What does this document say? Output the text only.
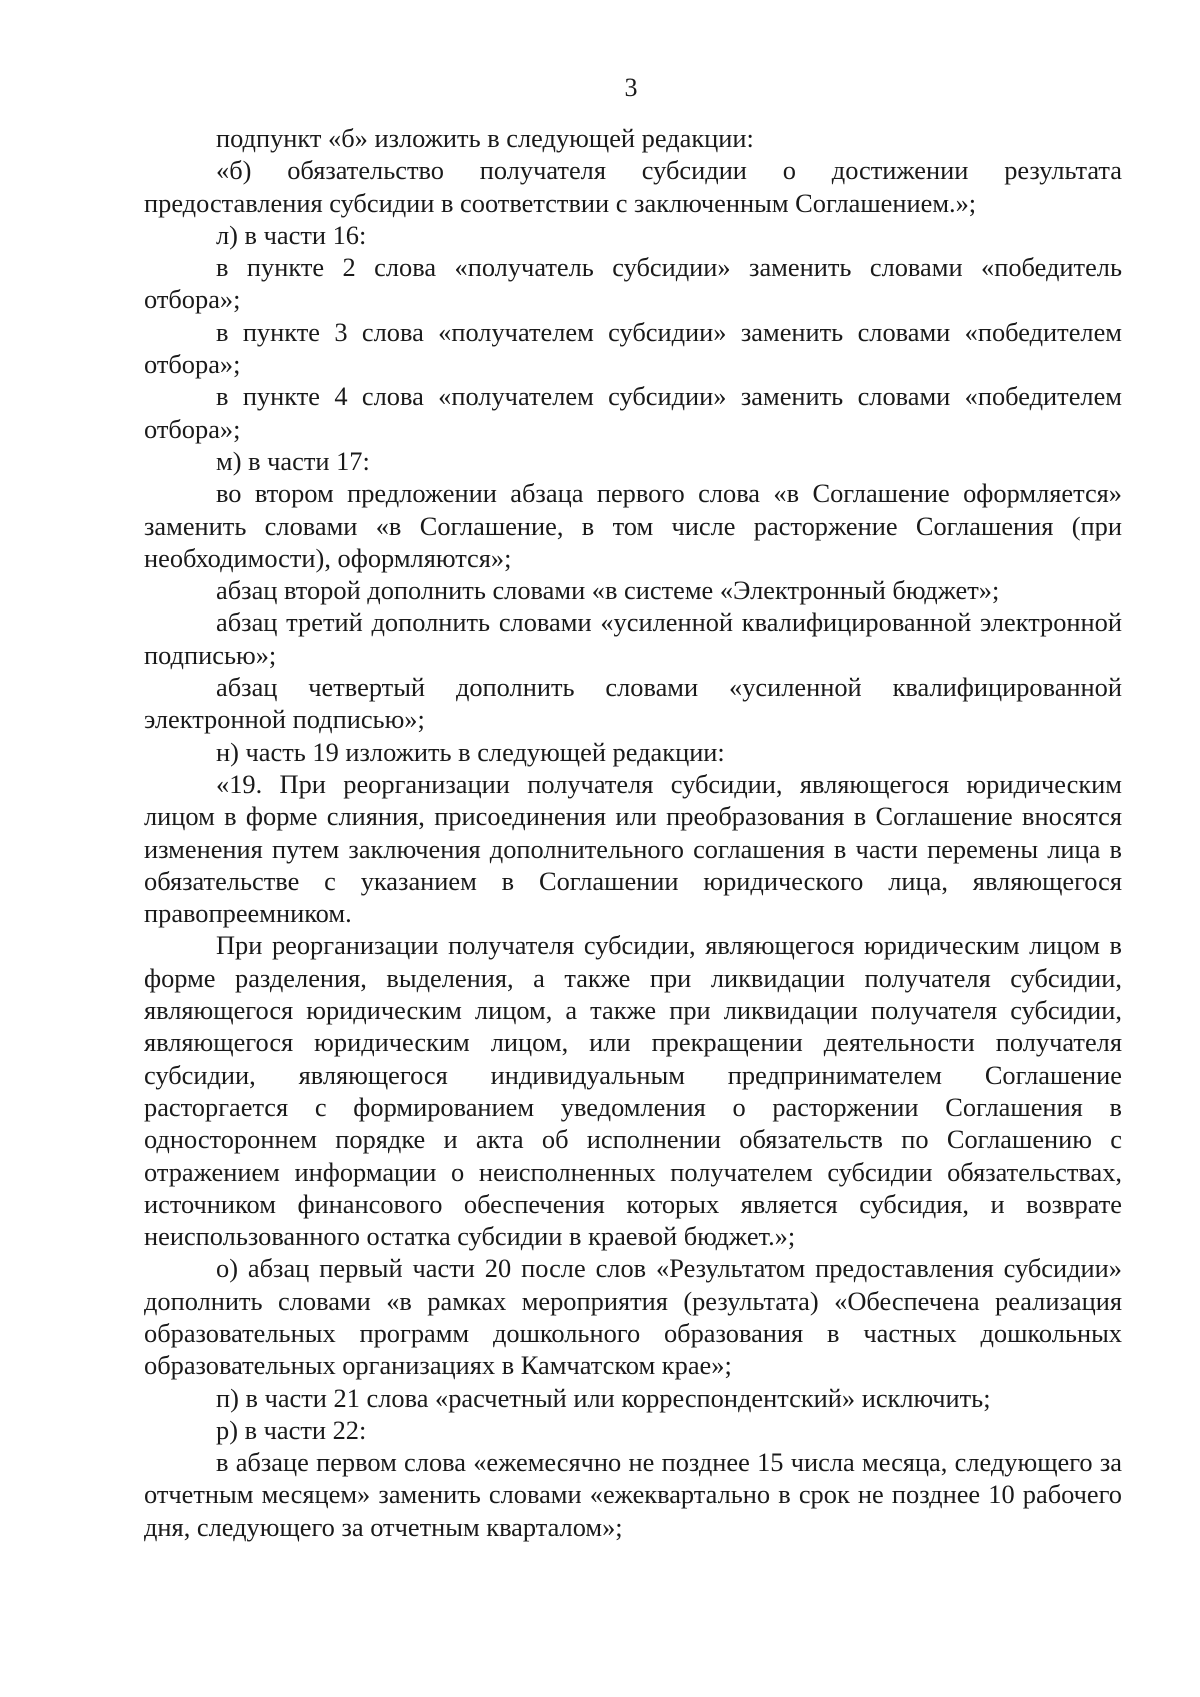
3

подпункт «б» изложить в следующей редакции:

«б) обязательство получателя субсидии о достижении результата предоставления субсидии в соответствии с заключенным Соглашением.»;

л) в части 16:

в пункте 2 слова «получатель субсидии» заменить словами «победитель отбора»;

в пункте 3 слова «получателем субсидии» заменить словами «победителем отбора»;

в пункте 4 слова «получателем субсидии» заменить словами «победителем отбора»;

м) в части 17:

во втором предложении абзаца первого слова «в Соглашение оформляется» заменить словами «в Соглашение, в том числе расторжение Соглашения (при необходимости), оформляются»;

абзац второй дополнить словами «в системе «Электронный бюджет»;

абзац третий дополнить словами «усиленной квалифицированной электронной подписью»;

абзац четвертый дополнить словами «усиленной квалифицированной электронной подписью»;

н) часть 19 изложить в следующей редакции:

«19. При реорганизации получателя субсидии, являющегося юридическим лицом в форме слияния, присоединения или преобразования в Соглашение вносятся изменения путем заключения дополнительного соглашения в части перемены лица в обязательстве с указанием в Соглашении юридического лица, являющегося правопреемником.

При реорганизации получателя субсидии, являющегося юридическим лицом в форме разделения, выделения, а также при ликвидации получателя субсидии, являющегося юридическим лицом, а также при ликвидации получателя субсидии, являющегося юридическим лицом, или прекращении деятельности получателя субсидии, являющегося индивидуальным предпринимателем Соглашение расторгается с формированием уведомления о расторжении Соглашения в одностороннем порядке и акта об исполнении обязательств по Соглашению с отражением информации о неисполненных получателем субсидии обязательствах, источником финансового обеспечения которых является субсидия, и возврате неиспользованного остатка субсидии в краевой бюджет.»;

о) абзац первый части 20 после слов «Результатом предоставления субсидии» дополнить словами «в рамках мероприятия (результата) «Обеспечена реализация образовательных программ дошкольного образования в частных дошкольных образовательных организациях в Камчатском крае»;

п) в части 21 слова «расчетный или корреспондентский» исключить;

р) в части 22:

в абзаце первом слова «ежемесячно не позднее 15 числа месяца, следующего за отчетным месяцем» заменить словами «ежеквартально в срок не позднее 10 рабочего дня, следующего за отчетным кварталом»;
